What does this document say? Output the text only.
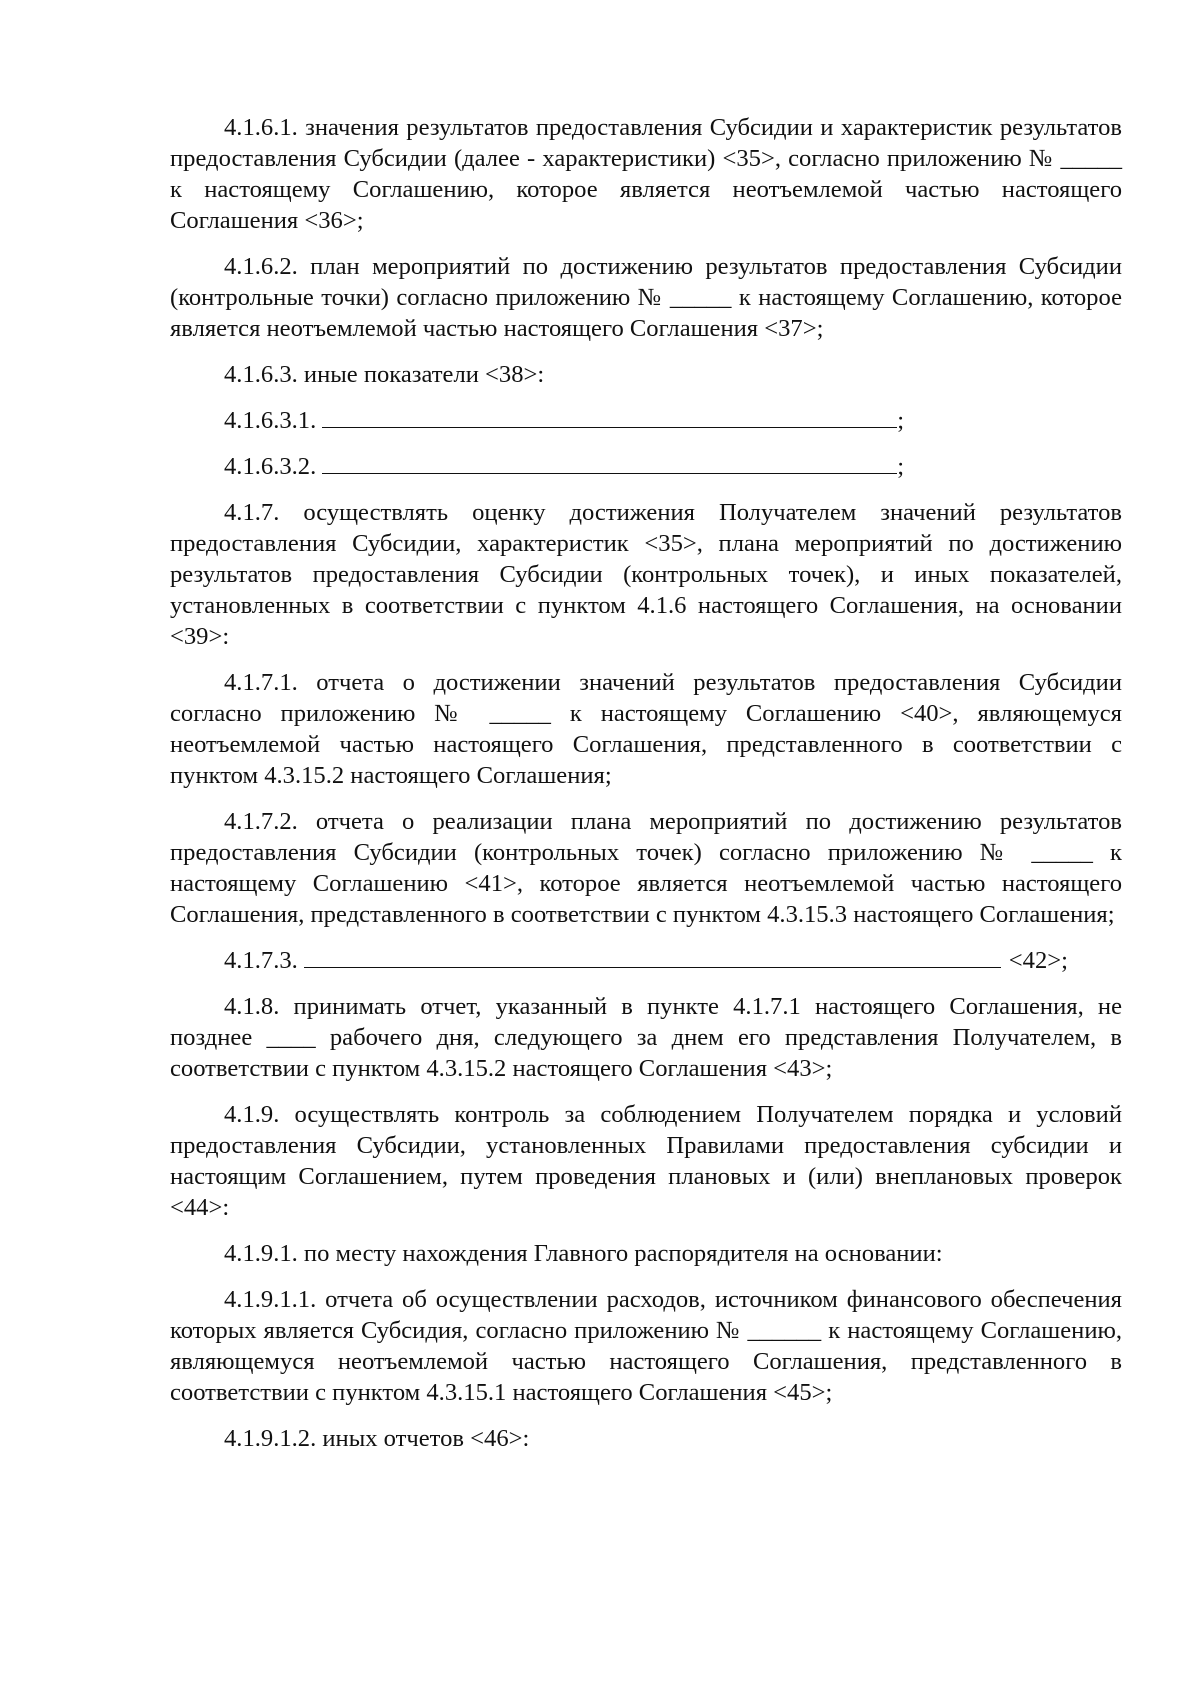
4.1.6.1. значения результатов предоставления Субсидии и характеристик результатов предоставления Субсидии (далее - характеристики) <35>, согласно приложению № _____ к настоящему Соглашению, которое является неотъемлемой частью настоящего Соглашения <36>;

4.1.6.2. план мероприятий по достижению результатов предоставления Субсидии (контрольные точки) согласно приложению № _____ к настоящему Соглашению, которое является неотъемлемой частью настоящего Соглашения <37>;

4.1.6.3. иные показатели <38>:

4.1.6.3.1.	;
4.1.6.3.2.	;

4.1.7. осуществлять оценку достижения Получателем значений результатов предоставления Субсидии, характеристик <35>, плана мероприятий по достижению результатов предоставления Субсидии (контрольных точек), и иных показателей, установленных в соответствии с пунктом 4.1.6 настоящего Соглашения, на основании <39>:

4.1.7.1. отчета о достижении значений результатов предоставления Субсидии согласно приложению № _____ к настоящему Соглашению <40>, являющемуся неотъемлемой частью настоящего Соглашения, представленного в соответствии с пунктом 4.3.15.2 настоящего Соглашения;

4.1.7.2. отчета о реализации плана мероприятий по достижению результатов предоставления Субсидии (контрольных точек) согласно приложению № _____ к настоящему Соглашению <41>, которое является неотъемлемой частью настоящего Соглашения, представленного в соответствии с пунктом 4.3.15.3 настоящего Соглашения;

4.1.7.3.	<42>;

4.1.8. принимать отчет, указанный в пункте 4.1.7.1 настоящего Соглашения, не позднее ____ рабочего дня, следующего за днем его представления Получателем, в соответствии с пунктом 4.3.15.2 настоящего Соглашения <43>;

4.1.9. осуществлять контроль за соблюдением Получателем порядка и условий предоставления Субсидии, установленных Правилами предоставления субсидии и настоящим Соглашением, путем проведения плановых и (или) внеплановых проверок <44>:

4.1.9.1. по месту нахождения Главного распорядителя на основании:

4.1.9.1.1. отчета об осуществлении расходов, источником финансового обеспечения которых является Субсидия, согласно приложению № ______ к настоящему Соглашению, являющемуся неотъемлемой частью настоящего Соглашения, представленного в соответствии с пунктом 4.3.15.1 настоящего Соглашения <45>;

4.1.9.1.2. иных отчетов <46>:
